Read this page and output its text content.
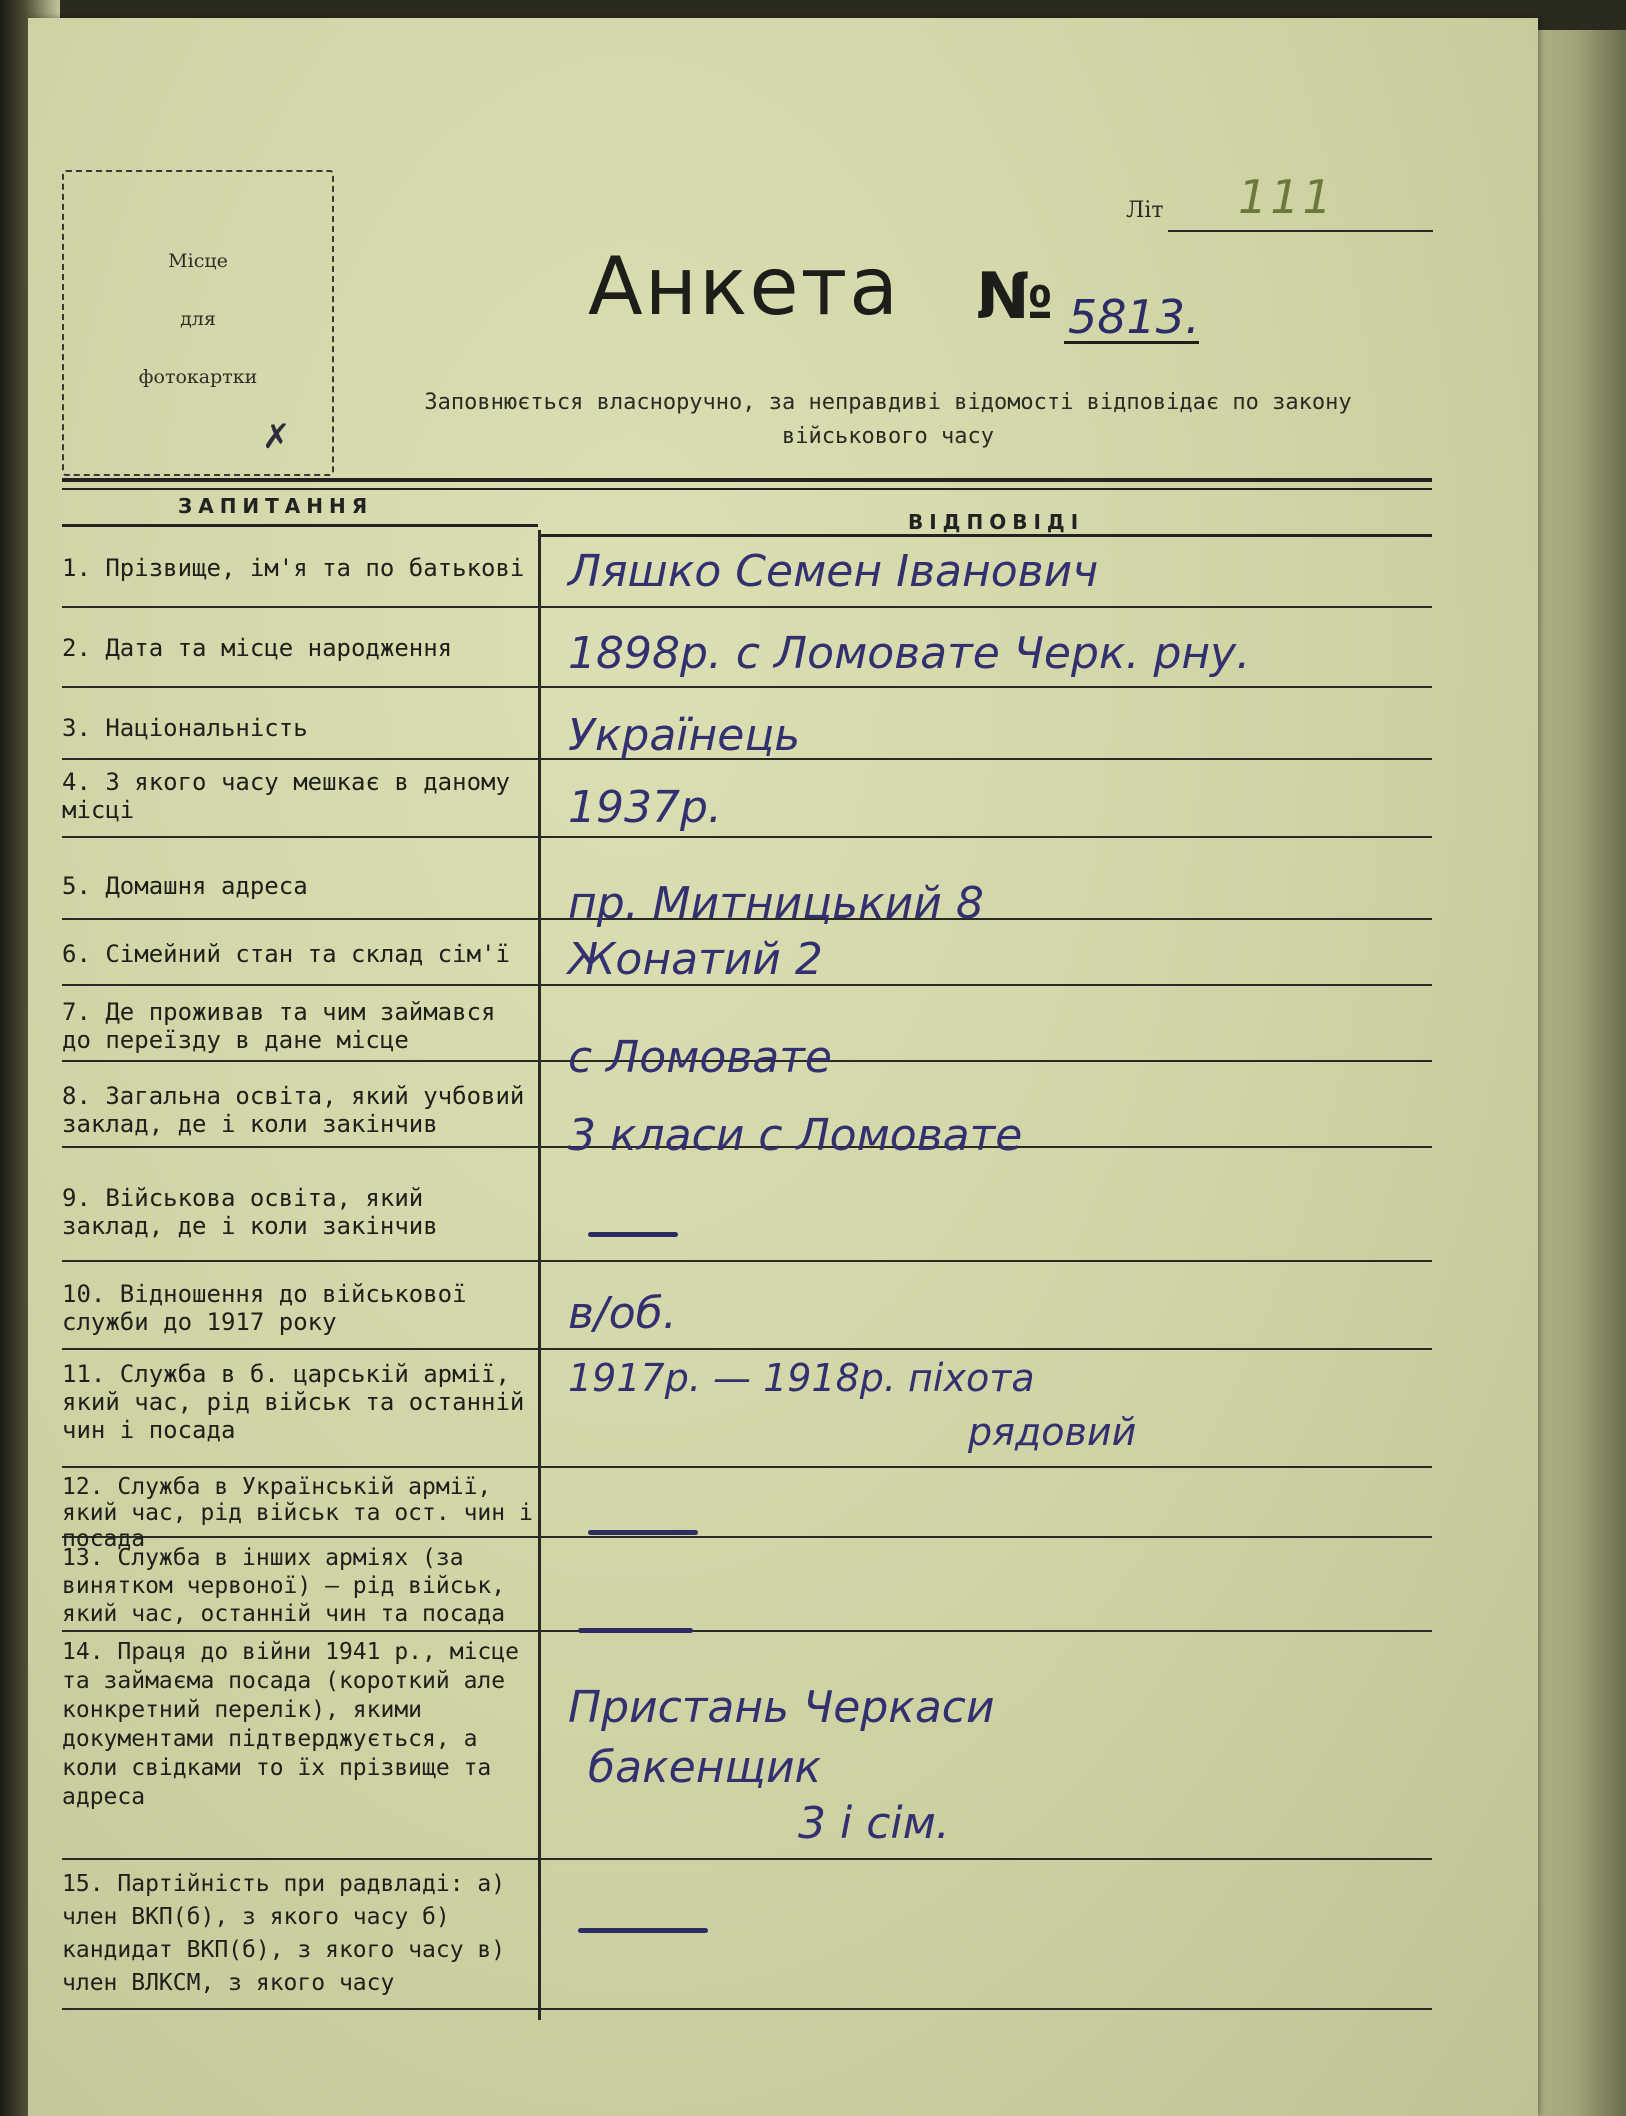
Місце
для
фотокартки
✗
Літ 111
Анкета № 5813.
Заповнюється власноручно, за неправдиві відомості відповідає по закону військового часу
ЗАПИТАННЯ
ВІДПОВІДІ
1. Прізвище, ім'я та по батькові
2. Дата та місце народження
3. Національність
4. З якого часу мешкає в даному місці
5. Домашня адреса
6. Сімейний стан та склад сім'ї
7. Де проживав та чим займався до переїзду в дане місце
8. Загальна освіта, який учбовий заклад, де і коли закінчив
9. Військова освіта, який заклад, де і коли закінчив
10. Відношення до військової служби до 1917 року
11. Служба в б. царській армії, який час, рід військ та останній чин і посада
12. Служба в Українській армії, який час, рід військ та ост. чин і посада
13. Служба в інших арміях (за винятком червоної) — рід військ, який час, останній чин та посада
14. Праця до війни 1941 р., місце та займаєма посада (короткий але конкретний перелік), якими документами підтверджується, а коли свідками то їх прізвище та адреса
15. Партійність при радвладі: а) член ВКП(б), з якого часу б) кандидат ВКП(б), з якого часу в) член ВЛКСМ, з якого часу
Ляшко Семен Іванович
1898р. с Ломовате Черк. рну.
Українець
1937р.
пр. Митницький 8
Жонатий 2
с Ломовате
3 класи с Ломовате
в/об.
1917р. — 1918р. піхота
рядовий
Пристань Черкаси
бакенщик
3 і сім.
